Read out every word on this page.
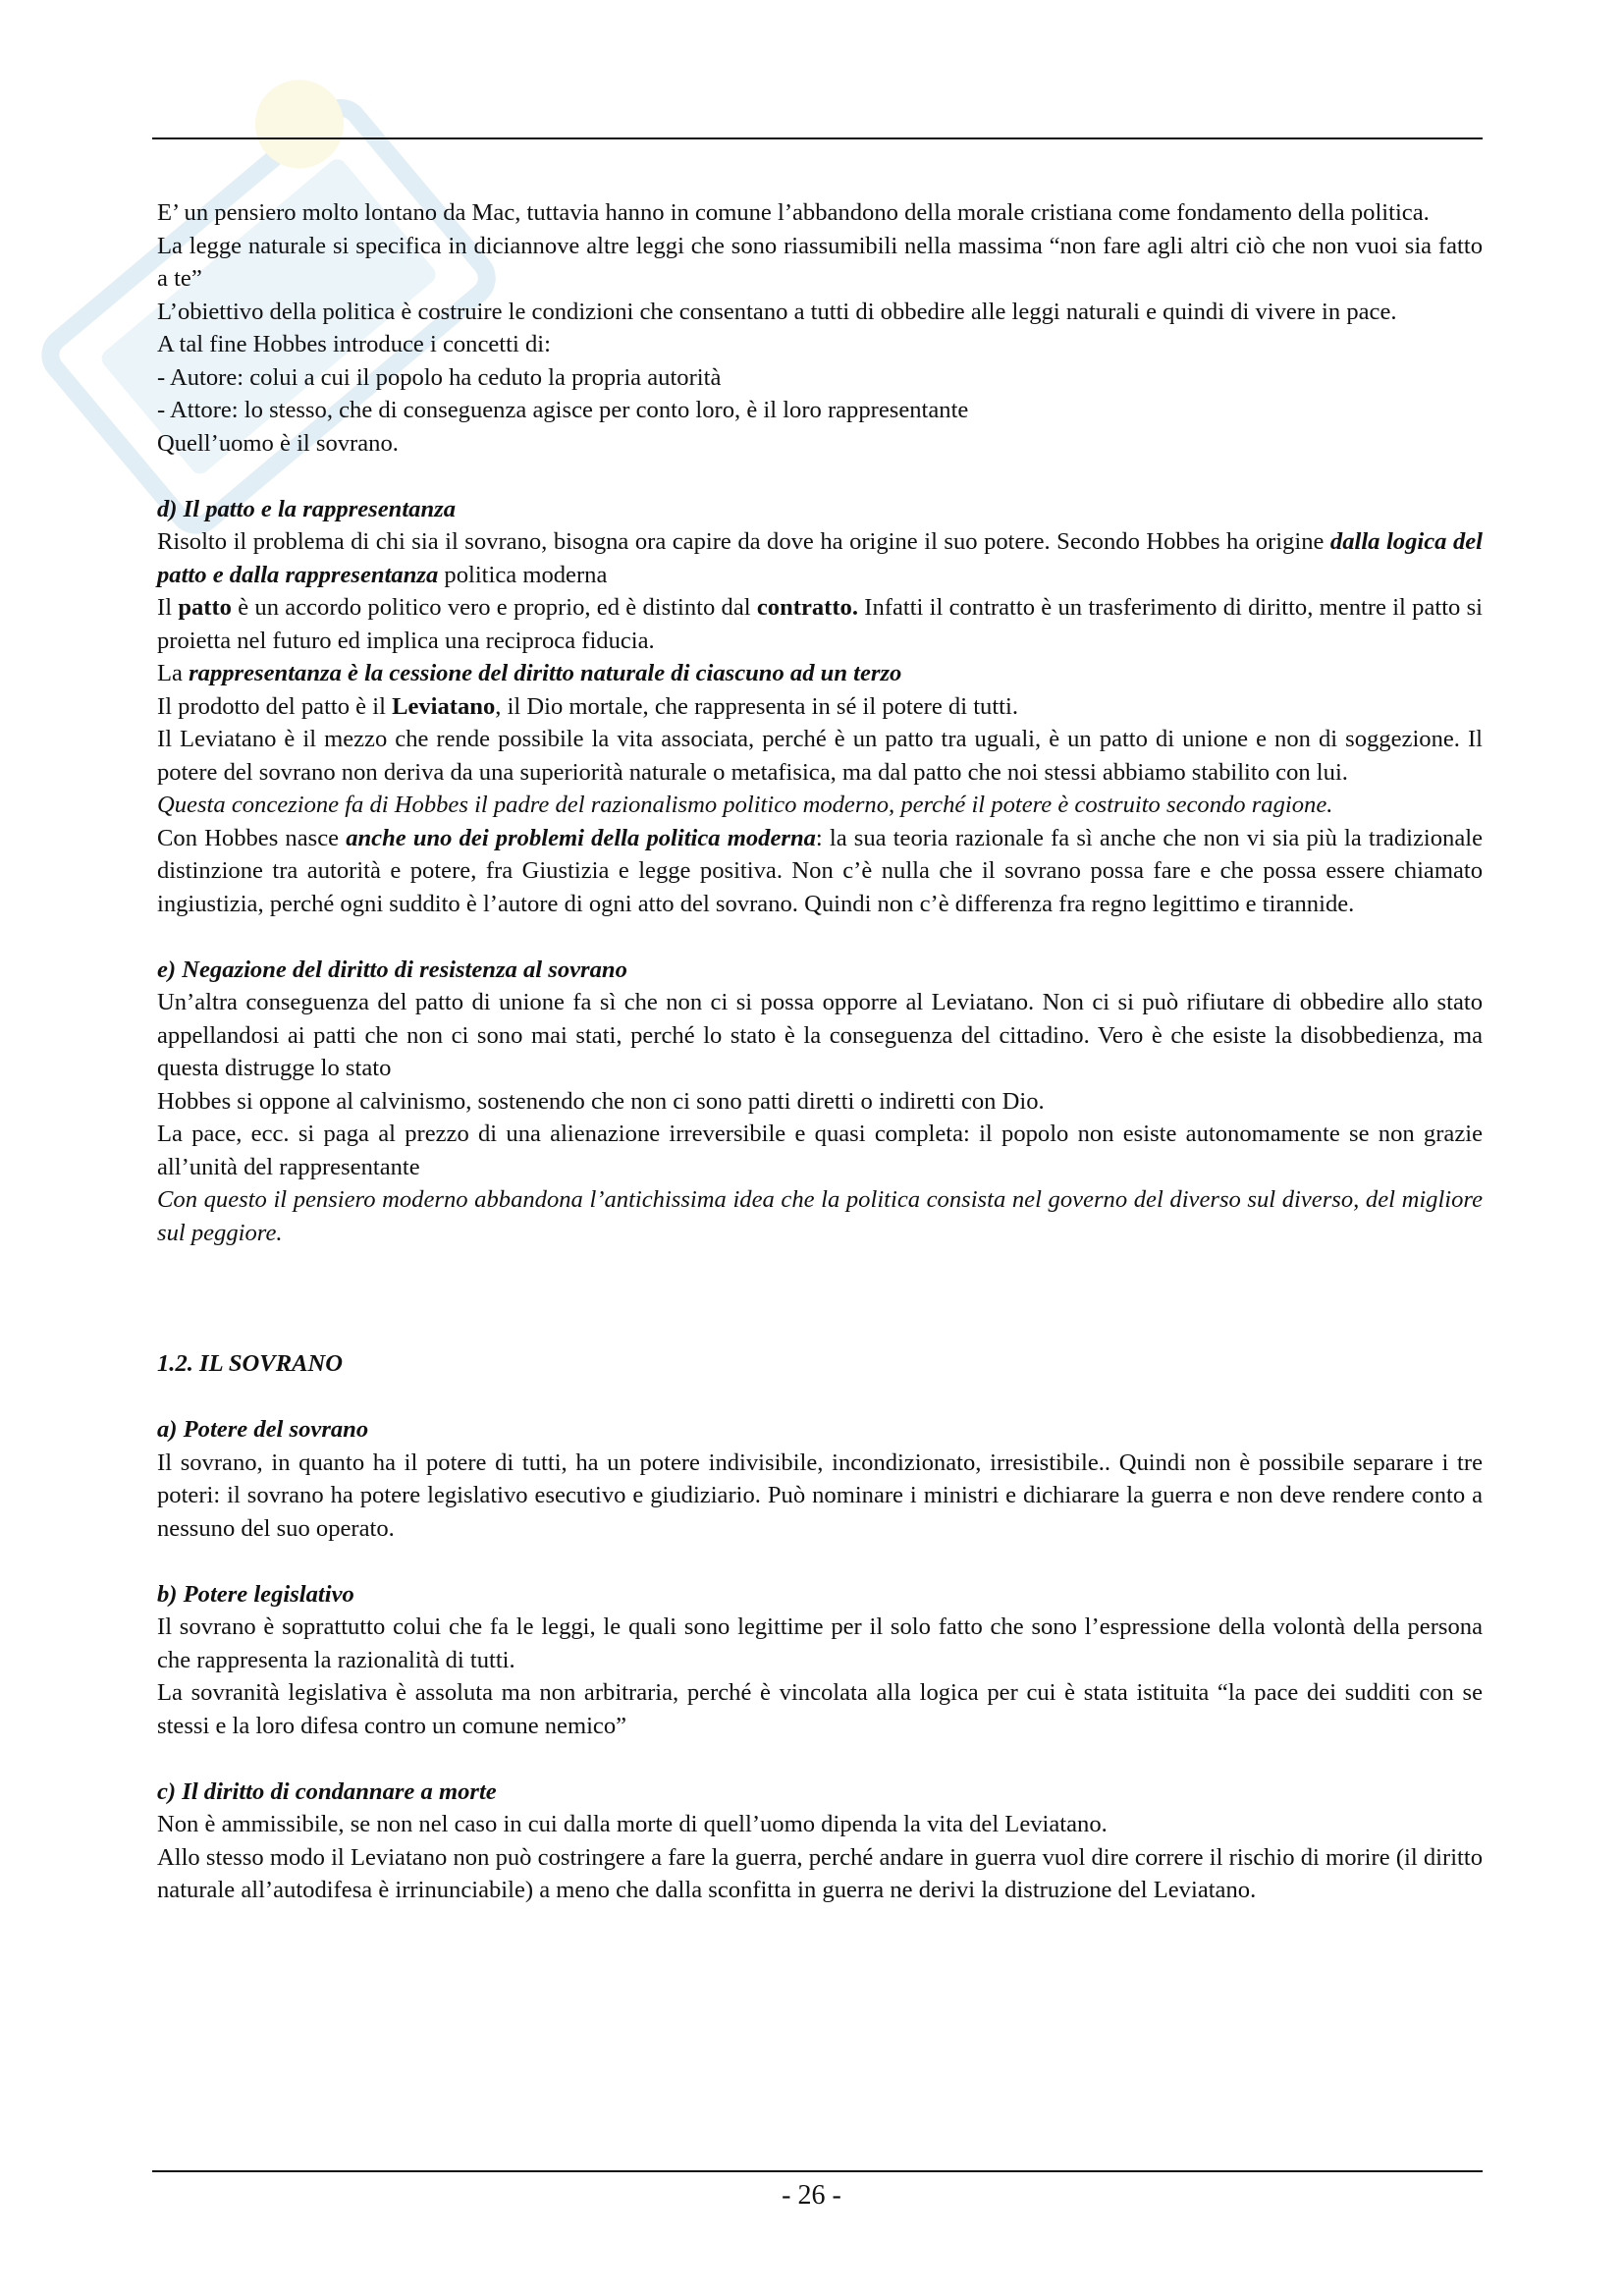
E’ un pensiero molto lontano da Mac, tuttavia hanno in comune l’abbandono della morale cristiana come fondamento della politica.

La legge naturale si specifica in diciannove altre leggi che sono riassumibili nella massima “non fare agli altri ciò che non vuoi sia fatto a te”

L’obiettivo della politica è costruire le condizioni che consentano a tutti di obbedire alle leggi naturali e quindi di vivere in pace.

A tal fine Hobbes introduce i concetti di:

- Autore: colui a cui il popolo ha ceduto la propria autorità

- Attore: lo stesso, che di conseguenza agisce per conto loro, è il loro rappresentante

Quell’uomo è il sovrano.

d) Il patto e la rappresentanza

Risolto il problema di chi sia il sovrano, bisogna ora capire da dove ha origine il suo potere. Secondo Hobbes ha origine dalla logica del patto e dalla rappresentanza politica moderna

Il patto è un accordo politico vero e proprio, ed è distinto dal contratto. Infatti il contratto è un trasferimento di diritto, mentre il patto si proietta nel futuro ed implica una reciproca fiducia.

La rappresentanza è la cessione del diritto naturale di ciascuno ad un terzo

Il prodotto del patto è il Leviatano, il Dio mortale, che rappresenta in sé il potere di tutti.

Il Leviatano è il mezzo che rende possibile la vita associata, perché è un patto tra uguali, è un patto di unione e non di soggezione. Il potere del sovrano non deriva da una superiorità naturale o metafisica, ma dal patto che noi stessi abbiamo stabilito con lui.

Questa concezione fa di Hobbes il padre del razionalismo politico moderno, perché il potere è costruito secondo ragione.

Con Hobbes nasce anche uno dei problemi della politica moderna: la sua teoria razionale fa sì anche che non vi sia più la tradizionale distinzione tra autorità e potere, fra Giustizia e legge positiva. Non c’è nulla che il sovrano possa fare e che possa essere chiamato ingiustizia, perché ogni suddito è l’autore di ogni atto del sovrano. Quindi non c’è differenza fra regno legittimo e tirannide.

e) Negazione del diritto di resistenza al sovrano

Un’altra conseguenza del patto di unione fa sì che non ci si possa opporre al Leviatano. Non ci si può rifiutare di obbedire allo stato appellandosi ai patti che non ci sono mai stati, perché lo stato è la conseguenza del cittadino. Vero è che esiste la disobbedienza, ma questa distrugge lo stato

Hobbes si oppone al calvinismo, sostenendo che non ci sono patti diretti o indiretti con Dio.

La pace, ecc. si paga al prezzo di una alienazione irreversibile e quasi completa: il popolo non esiste autonomamente se non grazie all’unità del rappresentante

Con questo il pensiero moderno abbandona l’antichissima idea che la politica consista nel governo del diverso sul diverso, del migliore sul peggiore.

1.2. IL SOVRANO

a) Potere del sovrano

Il sovrano, in quanto ha il potere di tutti, ha un potere indivisibile, incondizionato, irresistibile.. Quindi non è possibile separare i tre poteri: il sovrano ha potere legislativo esecutivo e giudiziario. Può nominare i ministri e dichiarare la guerra e non deve rendere conto a nessuno del suo operato.

b) Potere legislativo

Il sovrano è soprattutto colui che fa le leggi, le quali sono legittime per il solo fatto che sono l’espressione della volontà della persona che rappresenta la razionalità di tutti.

La sovranità legislativa è assoluta ma non arbitraria, perché è vincolata alla logica per cui è stata istituita “la pace dei sudditi con se stessi e la loro difesa contro un comune nemico”

c) Il diritto di condannare a morte

Non è ammissibile, se non nel caso in cui dalla morte di quell’uomo dipenda la vita del Leviatano.

Allo stesso modo il Leviatano non può costringere a fare la guerra, perché andare in guerra vuol dire correre il rischio di morire (il diritto naturale all’autodifesa è irrinunciabile) a meno che dalla sconfitta in guerra ne derivi la distruzione del Leviatano.

- 26 -
